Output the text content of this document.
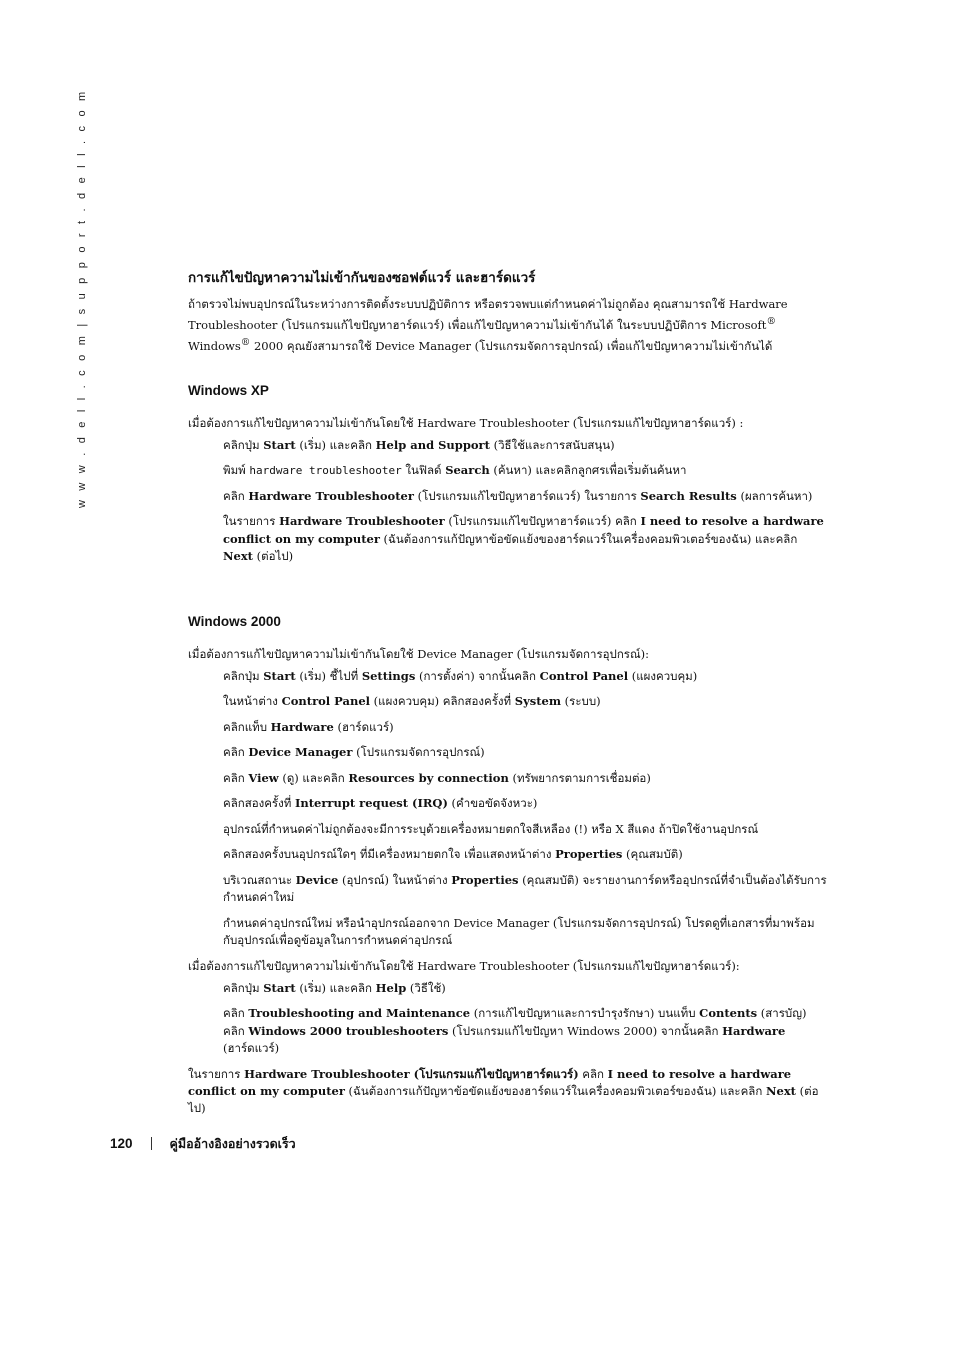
w w w . d e l l . c o m | s u p p o r t . d e l l . c o m	การแก้ไขปัญหาความไม่เข้ากันของซอฟต์แวร์ และฮาร์ดแวร์

ถ้าตรวจไม่พบอุปกรณ์ในระหว่างการติดตั้งระบบปฏิบัติการ หรือตรวจพบแต่กำหนดค่าไม่ถูกต้อง คุณสามารถใช้ Hardware Troubleshooter (โปรแกรมแก้ไขปัญหาฮาร์ดแวร์) เพื่อแก้ไขปัญหาความไม่เข้ากันได้ ในระบบปฏิบัติการ Microsoft® Windows® 2000 คุณยังสามารถใช้ Device Manager (โปรแกรมจัดการอุปกรณ์) เพื่อแก้ไขปัญหาความไม่เข้ากันได้

Windows XP

เมื่อต้องการแก้ไขปัญหาความไม่เข้ากันโดยใช้ Hardware Troubleshooter (โปรแกรมแก้ไขปัญหาฮาร์ดแวร์) :

คลิกปุ่ม Start (เริ่ม) และคลิก Help and Support (วิธีใช้และการสนับสนุน)
พิมพ์ hardware troubleshooter ในฟิลด์ Search (ค้นหา) และคลิกลูกศรเพื่อเริ่มต้นค้นหา
คลิก Hardware Troubleshooter (โปรแกรมแก้ไขปัญหาฮาร์ดแวร์) ในรายการ Search Results (ผลการค้นหา)
ในรายการ Hardware Troubleshooter (โปรแกรมแก้ไขปัญหาฮาร์ดแวร์) คลิก I need to resolve a hardware conflict on my computer (ฉันต้องการแก้ปัญหาข้อขัดแย้งของฮาร์ดแวร์ในเครื่องคอมพิวเตอร์ของฉัน) และคลิก Next (ต่อไป)
Windows 2000

เมื่อต้องการแก้ไขปัญหาความไม่เข้ากันโดยใช้ Device Manager (โปรแกรมจัดการอุปกรณ์):

คลิกปุ่ม Start (เริ่ม) ชี้ไปที่ Settings (การตั้งค่า) จากนั้นคลิก Control Panel (แผงควบคุม)
ในหน้าต่าง Control Panel (แผงควบคุม) คลิกสองครั้งที่ System (ระบบ)
คลิกแท็บ Hardware (ฮาร์ดแวร์)
คลิก Device Manager (โปรแกรมจัดการอุปกรณ์)
คลิก View (ดู) และคลิก Resources by connection (ทรัพยากรตามการเชื่อมต่อ)
คลิกสองครั้งที่ Interrupt request (IRQ) (คำขอขัดจังหวะ)
อุปกรณ์ที่กำหนดค่าไม่ถูกต้องจะมีการระบุด้วยเครื่องหมายตกใจสีเหลือง (!) หรือ X สีแดง ถ้าปิดใช้งานอุปกรณ์
คลิกสองครั้งบนอุปกรณ์ใดๆ ที่มีเครื่องหมายตกใจ เพื่อแสดงหน้าต่าง Properties (คุณสมบัติ)
บริเวณสถานะ Device (อุปกรณ์) ในหน้าต่าง Properties (คุณสมบัติ) จะรายงานการ์ดหรืออุปกรณ์ที่จำเป็นต้องได้รับการกำหนดค่าใหม่
กำหนดค่าอุปกรณ์ใหม่ หรือนำอุปกรณ์ออกจาก Device Manager (โปรแกรมจัดการอุปกรณ์) โปรดดูที่เอกสารที่มาพร้อมกับอุปกรณ์เพื่อดูข้อมูลในการกำหนดค่าอุปกรณ์

เมื่อต้องการแก้ไขปัญหาความไม่เข้ากันโดยใช้ Hardware Troubleshooter (โปรแกรมแก้ไขปัญหาฮาร์ดแวร์):

คลิกปุ่ม Start (เริ่ม) และคลิก Help (วิธีใช้)
คลิก Troubleshooting and Maintenance (การแก้ไขปัญหาและการบำรุงรักษา) บนแท็บ Contents (สารบัญ) คลิก Windows 2000 troubleshooters (โปรแกรมแก้ไขปัญหา Windows 2000) จากนั้นคลิก Hardware (ฮาร์ดแวร์)

ในรายการ Hardware Troubleshooter (โปรแกรมแก้ไขปัญหาฮาร์ดแวร์) คลิก I need to resolve a hardware conflict on my computer (ฉันต้องการแก้ปัญหาข้อขัดแย้งของฮาร์ดแวร์ในเครื่องคอมพิวเตอร์ของฉัน) และคลิก Next (ต่อไป)

120	คู่มืออ้างอิงอย่างรวดเร็ว
